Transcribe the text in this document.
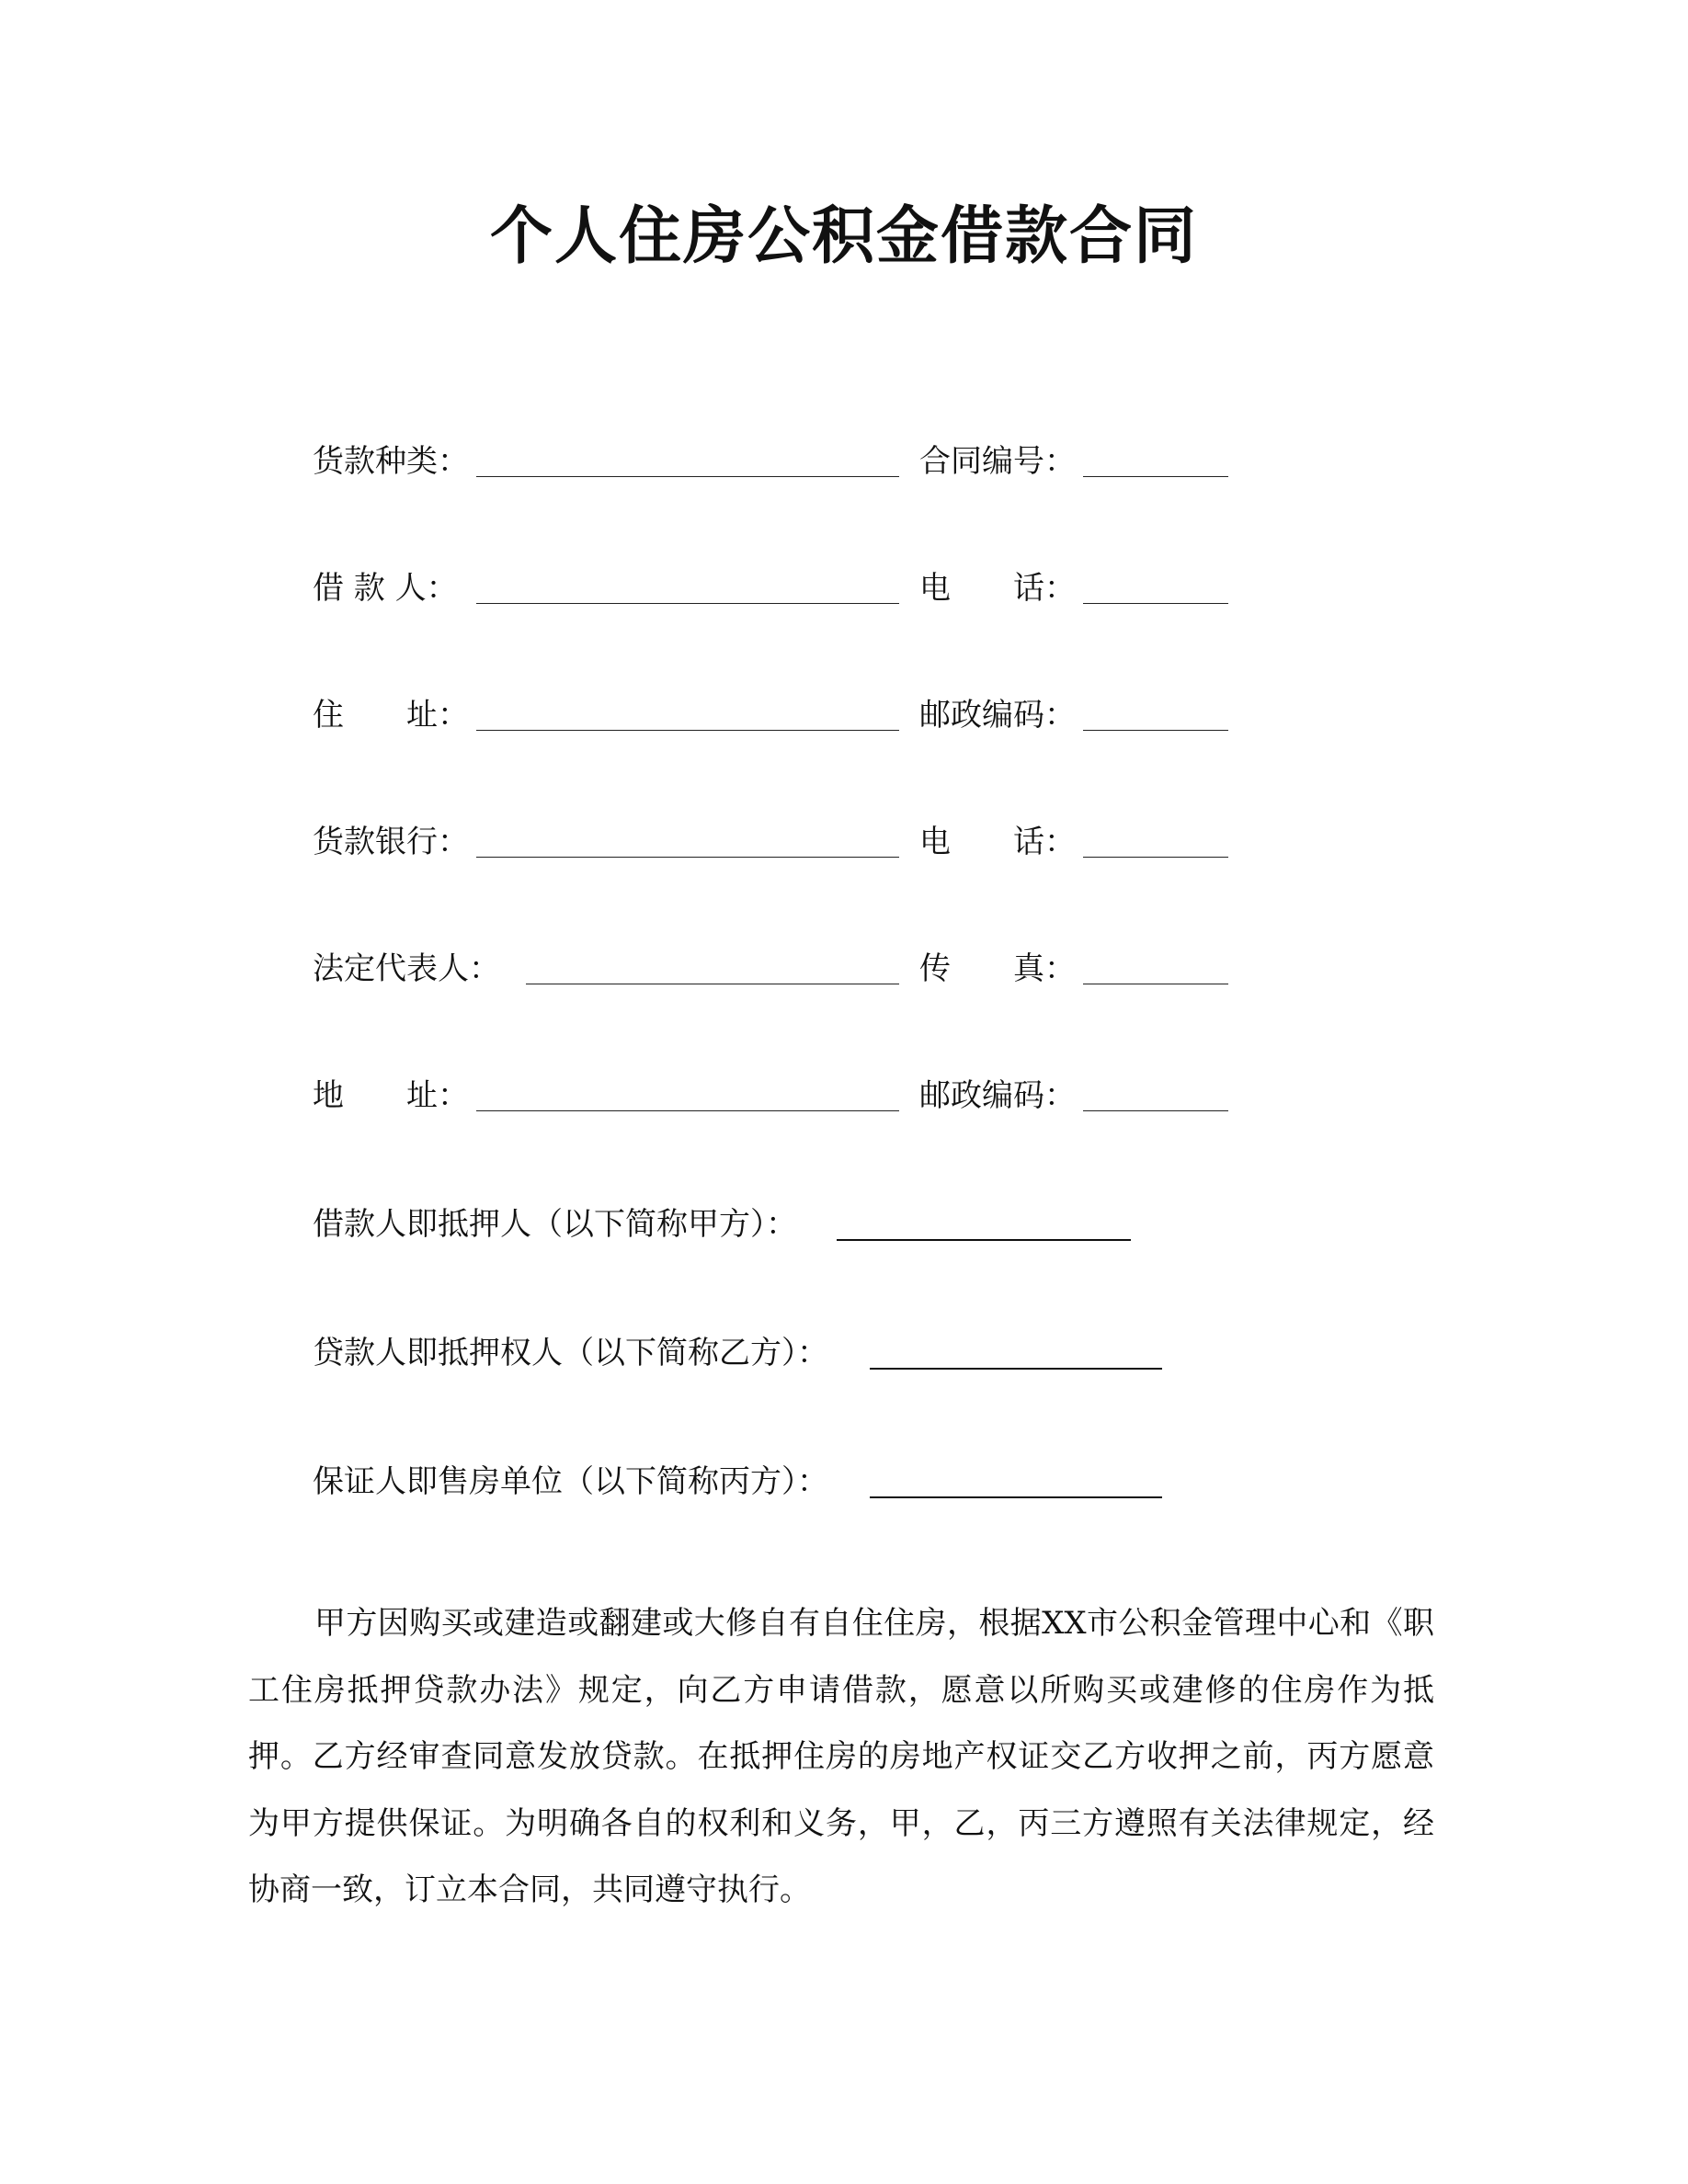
个人住房公积金借款合同
货款种类：	合同编号：
借 款 人：	电　　话：
住　　址：	邮政编码：
货款银行：	电　　话：
法定代表人：	传　　真：
地　　址：	邮政编码：
借款人即抵押人（以下简称甲方）：
贷款人即抵押权人（以下简称乙方）：
保证人即售房单位（以下简称丙方）：
甲方因购买或建造或翻建或大修自有自住住房，根据XX市公积金管理中心和《职工住房抵押贷款办法》规定，向乙方申请借款，愿意以所购买或建修的住房作为抵押。乙方经审查同意发放贷款。在抵押住房的房地产权证交乙方收押之前，丙方愿意为甲方提供保证。为明确各自的权利和义务，甲，乙，丙三方遵照有关法律规定，经协商一致，订立本合同，共同遵守执行。
